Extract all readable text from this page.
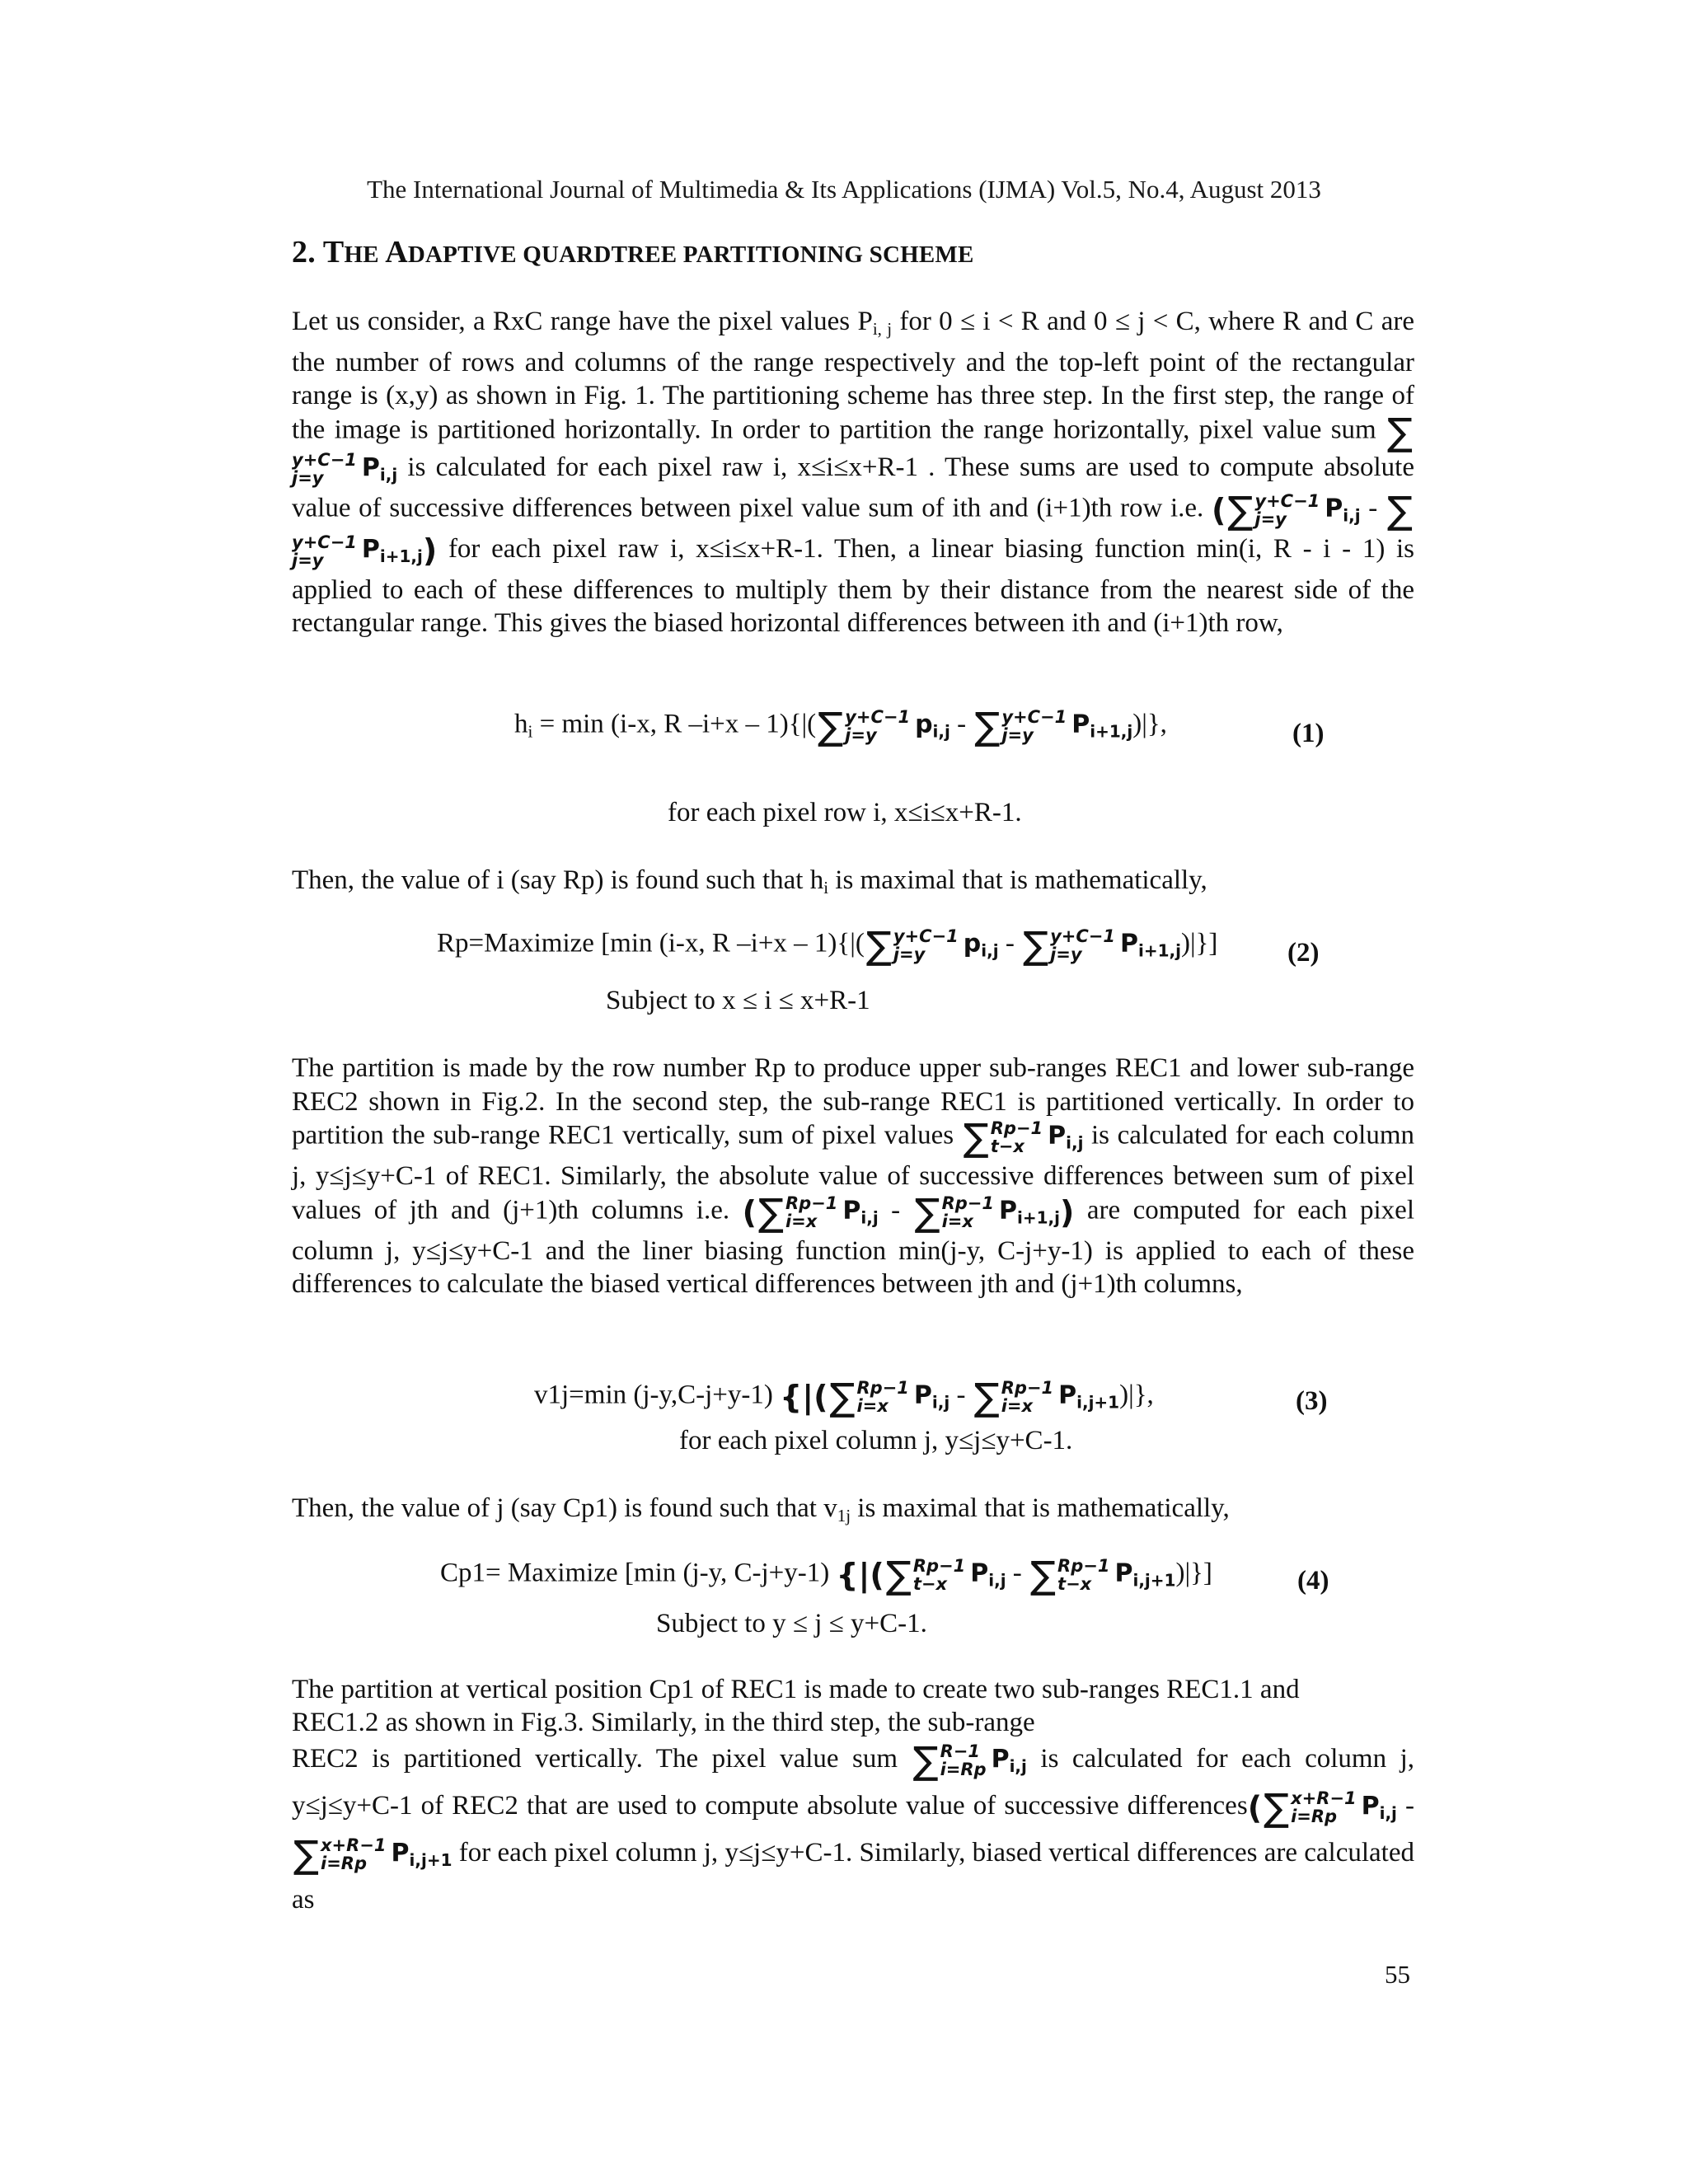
The International Journal of Multimedia & Its Applications (IJMA) Vol.5, No.4, August 2013
2. THE ADAPTIVE QUARDTREE PARTITIONING SCHEME

Let us consider, a RxC range have the pixel values Pi, j for 0 ≤ i < R and 0 ≤ j < C, where R and C are the number of rows and columns of the range respectively and the top-left point of the rectangular range is (x,y) as shown in Fig. 1. The partitioning scheme has three step. In the first step, the range of the image is partitioned horizontally. In order to partition the range horizontally, pixel value sum ∑
y+C−1
j=y	$P_{i,j}$ is calculated for each pixel raw i, x≤i≤x+R-1 . These sums are used to compute absolute value of successive differences between pixel value sum of ith and (i+1)th row i.e. (∑ y+C−1
j=y	$P_{i,j}$ - ∑
y+C−1
j=y	$P_{i+1,j}$) for each pixel raw i, x≤i≤x+R-1. Then, a linear biasing function min(i, R - i - 1) is applied to each of these differences to multiply them by their distance from the nearest side of the rectangular range. This gives the biased horizontal differences between ith and (i+1)th row,

hi = min (i-x, R –i+x – 1){|(∑ y+C−1
j=y	$p_{i,j}$ - ∑ y+C−1
j=y	$P_{i+1,j})|$},	(1)
for each pixel row i, x≤i≤x+R-1.

Then, the value of i (say Rp) is found such that hi is maximal that is mathematically,

Rp=Maximize [min (i-x, R –i+x – 1){|(∑ y+C−1
j=y	$p_{i,j}$ - ∑ y+C−1
j=y	$P_{i+1,j})|$}]	(2)
Subject to x ≤ i ≤ x+R-1

The partition is made by the row number Rp to produce upper sub-ranges REC1 and lower sub-range REC2 shown in Fig.2. In the second step, the sub-range REC1 is partitioned vertically. In order to partition the sub-range REC1 vertically, sum of pixel values ∑ Rp−1
t−x $P_{i,j}$ is calculated for each column j, y≤j≤y+C-1 of REC1. Similarly, the absolute value of successive differences between sum of pixel values of jth and (j+1)th columns i.e. (∑ Rp−1
i=x	$P_{i,j}$ - ∑ Rp−1
i=x	$P_{i+1,j}$) are computed for each pixel column j, y≤j≤y+C-1 and the liner biasing function min(j-y, C-j+y-1) is applied to each of these differences to calculate the biased vertical differences between jth and (j+1)th columns,

v1j=min (j-y,C-j+y-1) {|(∑ Rp−1
i=x	$P_{i,j}$ - ∑ Rp−1
i=x	$P_{i,j+1})|$},	(3)
for each pixel column j, y≤j≤y+C-1.

Then, the value of j (say Cp1) is found such that v1j is maximal that is mathematically,

Cp1= Maximize [min (j-y, C-j+y-1) {|(∑ Rp−1
t−x $P_{i,j}$ - ∑ Rp−1
t−x $P_{i,j+1})|$}]	(4)
Subject to y ≤ j ≤ y+C-1.

The partition at vertical position Cp1 of REC1 is made to create two sub-ranges REC1.1 and

REC1.2 as shown in Fig.3. Similarly, in the third step, the sub-range

REC2 is partitioned vertically. The pixel value sum ∑ R−1
i=Rp $P_{i,j}$ is calculated for each column j, y≤j≤y+C-1 of REC2 that are used to compute absolute value of successive differences(∑ x+R−1
i=Rp $P_{i,j}$ - ∑ x+R−1
i=Rp $P_{i,j+1}$ for each pixel column j, y≤j≤y+C-1. Similarly, biased vertical differences are calculated as

55
